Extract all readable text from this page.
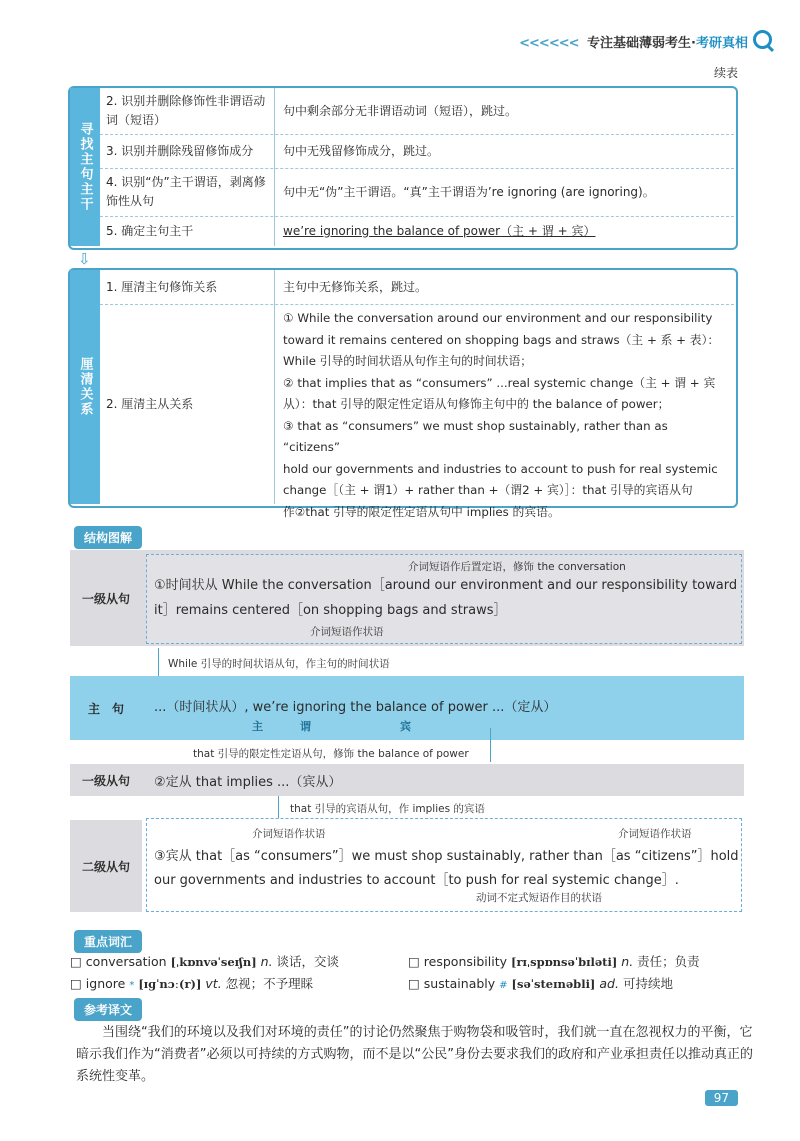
<<<<<< 专注基础薄弱考生·考研真相
续表
寻找主句主干
2. 识别并删除修饰性非谓语动词（短语）
句中剩余部分无非谓语动词（短语），跳过。
3. 识别并删除残留修饰成分	句中无残留修饰成分，跳过。
4. 识别“伪”主干谓语，剥离修饰性从句
句中无“伪”主干谓语。“真”主干谓语为’re ignoring (are ignoring)。
5. 确定主句主干	we’re ignoring the balance of power（主 + 谓 + 宾）
⇩
厘清关系
1. 厘清主句修饰关系	主句中无修饰关系，跳过。
2. 厘清主从关系
① While the conversation around our environment and our responsibility
toward it remains centered on shopping bags and straws（主 + 系 + 表）：
While 引导的时间状语从句作主句的时间状语；
② that implies that as “consumers” ...real systemic change（主 + 谓 + 宾
从）：that 引导的限定性定语从句修饰主句中的 the balance of power；
③ that as “consumers” we must shop sustainably, rather than as “citizens”
hold our governments and industries to account to push for real systemic
change［（主 + 谓1）+ rather than +（谓2 + 宾）］：that 引导的宾语从句
作②that 引导的限定性定语从句中 implies 的宾语。
结构图解
一级从句
介词短语作后置定语，修饰 the conversation
①时间状从 While the conversation［around our environment and our responsibility toward
it］remains centered［on shopping bags and straws］
介词短语作状语
While 引导的时间状语从句，作主句的时间状语
主　句	...（时间状从）, we’re ignoring the balance of power ...（定从）
主	谓	宾
that 引导的限定性定语从句，修饰 the balance of power
一级从句	②定从 that implies ...（宾从）
that 引导的宾语从句，作 implies 的宾语
二级从句
介词短语作状语	介词短语作状语
③宾从 that［as “consumers”］we must shop sustainably, rather than［as “citizens”］hold
our governments and industries to account［to push for real systemic change］.
动词不定式短语作目的状语
重点词汇
□ conversation [ˌkɒnvəˈseɪʃn] n. 谈话，交谈	□ responsibility [rɪˌspɒnsəˈbɪləti] n. 责任；负责
□ ignore * [ɪɡˈnɔː(r)] vt. 忽视；不予理睬	□ sustainably # [səˈsteɪnəbli] ad. 可持续地
参考译文
当围绕“我们的环境以及我们对环境的责任”的讨论仍然聚焦于购物袋和吸管时，我们就一直在忽视权力的平衡，它暗示我们作为“消费者”必须以可持续的方式购物，而不是以“公民”身份去要求我们的政府和产业承担责任以推动真正的系统性变革。
97
